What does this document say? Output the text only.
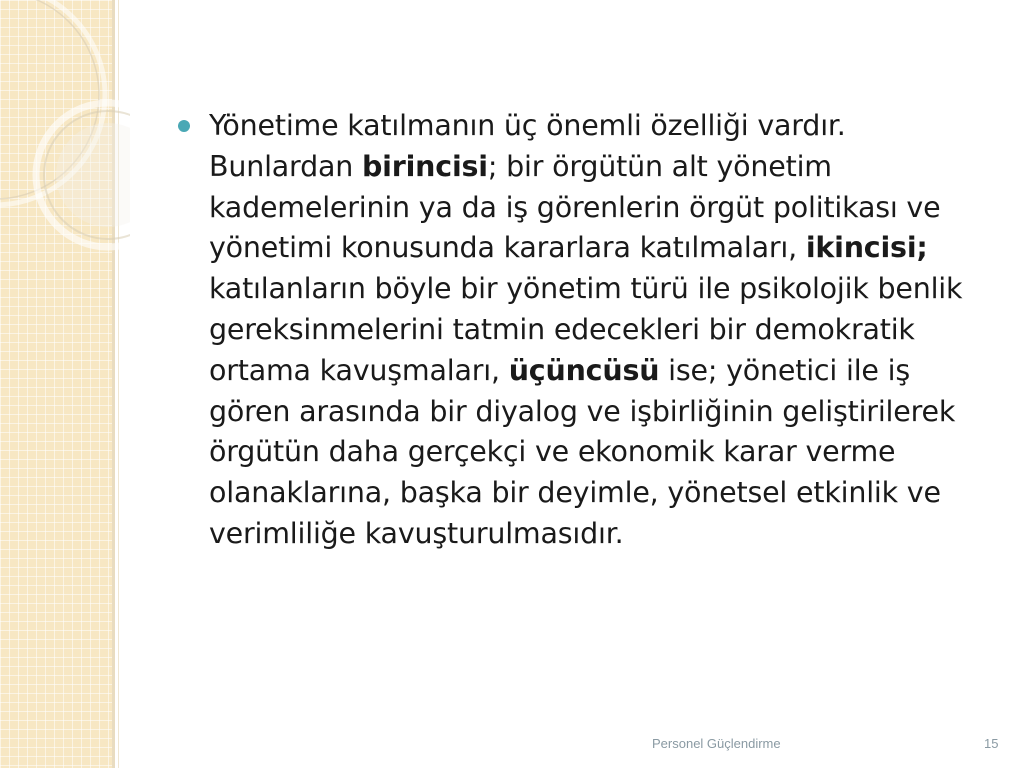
Yönetime katılmanın üç önemli özelliği vardır. Bunlardan birincisi; bir örgütün alt yönetim kademelerinin ya da iş görenlerin örgüt politikası ve yönetimi konusunda kararlara katılmaları, ikincisi; katılanların böyle bir yönetim türü ile psikolojik benlik gereksinmelerini tatmin edecekleri bir demokratik ortama kavuşmaları, üçüncüsü ise; yönetici ile iş gören arasında bir diyalog ve işbirliğinin geliştirilerek örgütün daha gerçekçi ve ekonomik karar verme olanaklarına, başka bir deyimle, yönetsel etkinlik ve verimliliğe kavuşturulmasıdır.
Personel Güçlendirme	15
